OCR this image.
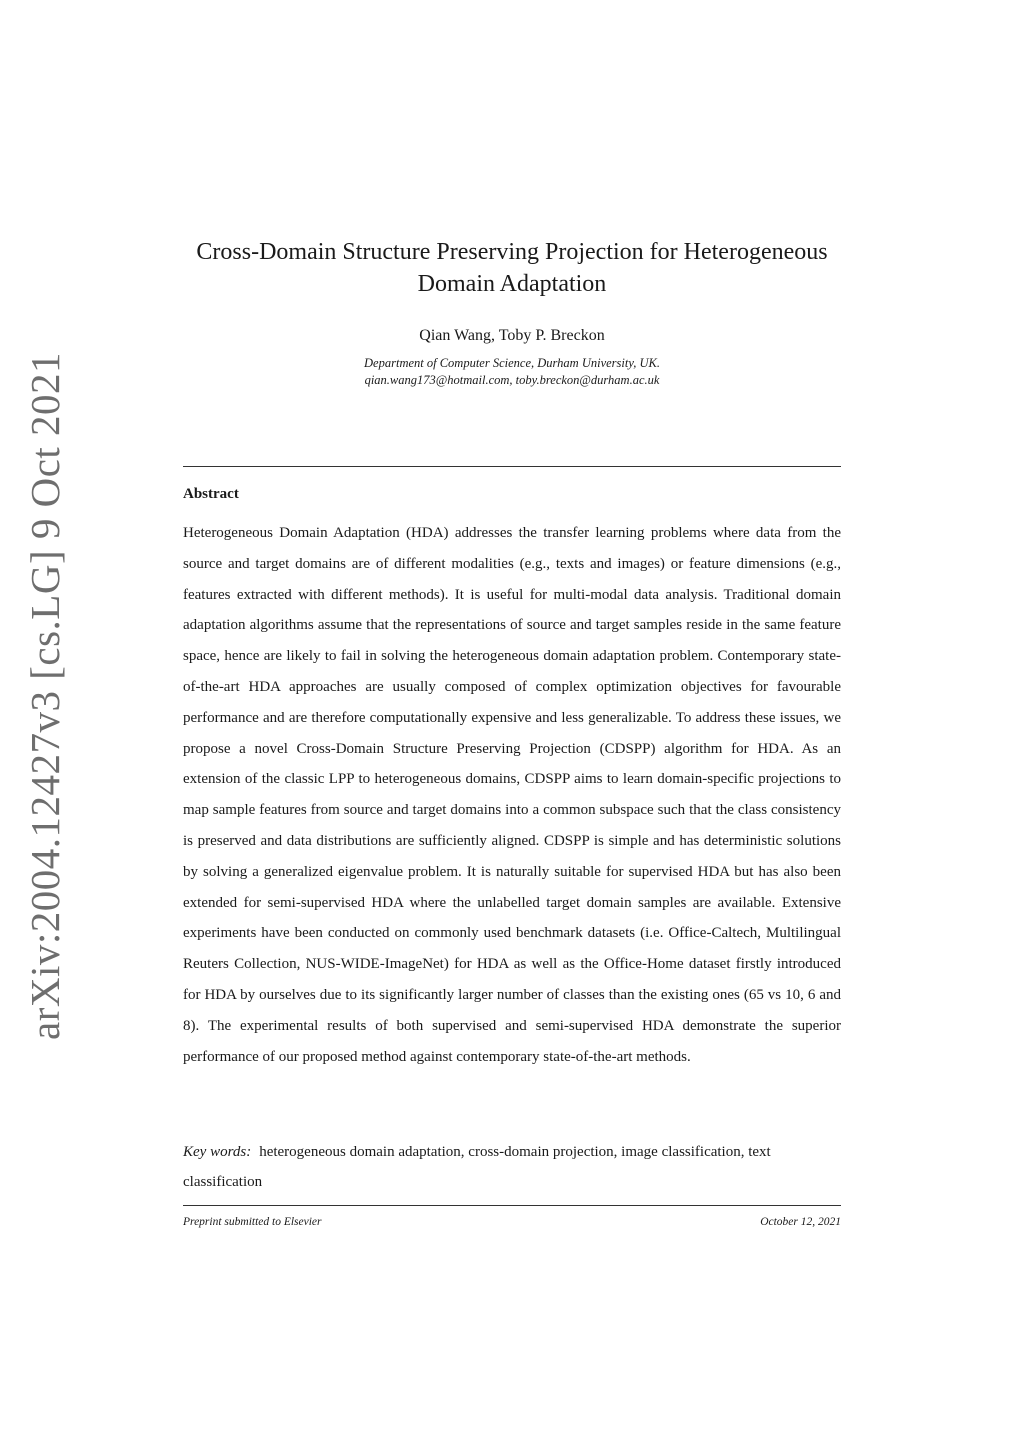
arXiv:2004.12427v3 [cs.LG] 9 Oct 2021
Cross-Domain Structure Preserving Projection for Heterogeneous
Domain Adaptation
Qian Wang, Toby P. Breckon
Department of Computer Science, Durham University, UK.
qian.wang173@hotmail.com, toby.breckon@durham.ac.uk
Abstract

Heterogeneous Domain Adaptation (HDA) addresses the transfer learning problems where data from the source and target domains are of different modalities (e.g., texts and images) or feature dimensions (e.g., features extracted with different methods). It is useful for multi-modal data analysis. Traditional domain adaptation algorithms assume that the representations of source and target samples reside in the same feature space, hence are likely to fail in solving the heterogeneous domain adaptation problem. Contemporary state-of-the-art HDA approaches are usually composed of complex optimization objectives for favourable performance and are therefore computationally expensive and less generalizable. To address these issues, we propose a novel Cross-Domain Structure Preserving Projection (CDSPP) algorithm for HDA. As an extension of the classic LPP to heterogeneous domains, CDSPP aims to learn domain-specific projections to map sample features from source and target domains into a common subspace such that the class consistency is preserved and data distributions are sufficiently aligned. CDSPP is simple and has deterministic solutions by solving a generalized eigenvalue problem. It is naturally suitable for supervised HDA but has also been extended for semi-supervised HDA where the unlabelled target domain samples are available. Extensive experiments have been conducted on commonly used benchmark datasets (i.e. Office-Caltech, Multilingual Reuters Collection, NUS-WIDE-ImageNet) for HDA as well as the Office-Home dataset firstly introduced for HDA by ourselves due to its significantly larger number of classes than the existing ones (65 vs 10, 6 and 8). The experimental results of both supervised and semi-supervised HDA demonstrate the superior performance of our proposed method against contemporary state-of-the-art methods.

Key words: heterogeneous domain adaptation, cross-domain projection, image classification, text classification

Preprint submitted to Elsevier	October 12, 2021
